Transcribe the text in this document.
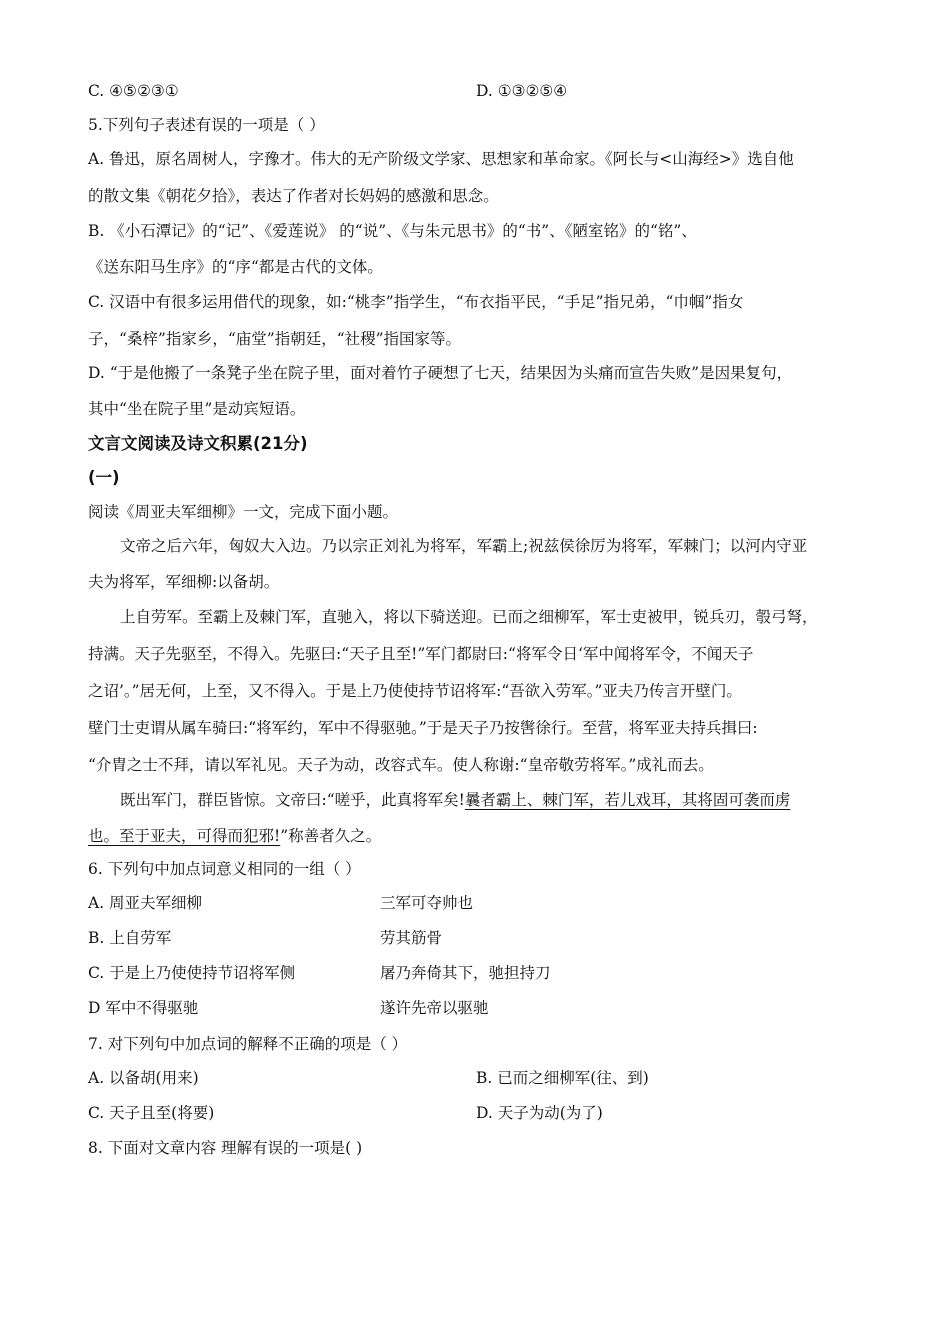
C. ④⑤②③①	D. ①③②⑤④
5.下列句子表述有误的一项是（ ）
A. 鲁迅，原名周树人，字豫才。伟大的无产阶级文学家、思想家和革命家。《阿长与<山海经>》选自他
的散文集《朝花夕拾》，表达了作者对长妈妈的感激和思念。
B. 《小石潭记》的“记”、《爱莲说》 的“说”、《与朱元思书》的“书”、《陋室铭》的“铭”、
《送东阳马生序》的“序“都是古代的文体。
C. 汉语中有很多运用借代的现象，如:“桃李”指学生，“布衣指平民，“手足”指兄弟，“巾帼”指女
子，“桑梓”指家乡，“庙堂”指朝廷，“社稷”指国家等。
D. “于是他搬了一条凳子坐在院子里，面对着竹子硬想了七天，结果因为头痛而宣告失败”是因果复句，
其中“坐在院子里”是动宾短语。
文言文阅读及诗文积累(21分)
(一)
阅读《周亚夫军细柳》一文，完成下面小题。
文帝之后六年，匈奴大入边。乃以宗正刘礼为将军，军霸上;祝兹侯徐厉为将军，军棘门；以河内守亚
夫为将军，军细柳:以备胡。
上自劳军。至霸上及棘门军，直驰入，将以下骑送迎。已而之细柳军，军士吏被甲，锐兵刃，彀弓弩，
持满。天子先驱至，不得入。先驱曰:“天子且至!”军门都尉曰:“将军令日‘军中闻将军令，不闻天子
之诏’。”居无何，上至，又不得入。于是上乃使使持节诏将军:“吾欲入劳军。”亚夫乃传言开壁门。
壁门士吏谓从属车骑曰:“将军约，军中不得驱驰。”于是天子乃按辔徐行。至营，将军亚夫持兵揖曰:
“介胄之士不拜，请以军礼见。天子为动，改容式车。使人称谢:“皇帝敬劳将军。”成礼而去。
既出军门，群臣皆惊。文帝曰:“嗟乎，此真将军矣!曩者霸上、棘门军，若儿戏耳，其将固可袭而虏
也。至于亚夫，可得而犯邪!”称善者久之。
6. 下列句中加点词意义相同的一组（ ）
A. 周亚夫军细柳	三军可夺帅也
B. 上自劳军	劳其筋骨
C. 于是上乃使使持节诏将军侧	屠乃奔倚其下，驰担持刀
D 军中不得驱驰	遂许先帝以驱驰
7. 对下列句中加点词的解释不正确的项是（ ）
A. 以备胡(用来)	B. 已而之细柳军(往、到)
C. 天子且至(将要)	D. 天子为动(为了)
8. 下面对文章内容 理解有误的一项是( )
